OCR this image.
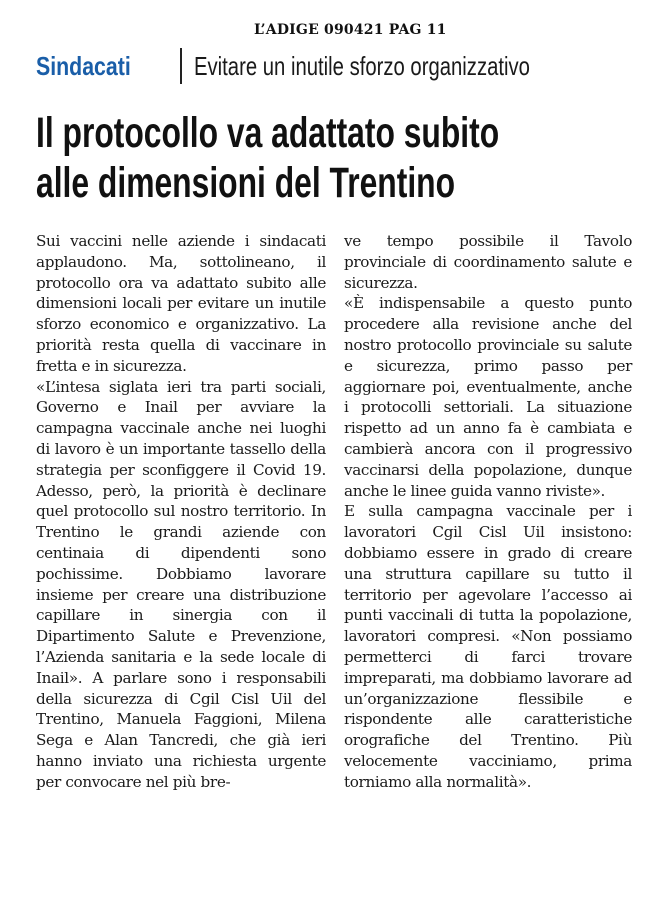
L’ADIGE 090421 PAG 11
Sindacati	Evitare un inutile sforzo organizzativo
Il protocollo va adattato subito
alle dimensioni del Trentino

Sui vaccini nelle aziende i sindacati applaudono. Ma, sottolineano, il protocollo ora va adattato subito alle dimensioni locali per evitare un inutile sforzo economico e organizzativo. La priorità resta quella di vaccinare in fretta e in sicurezza.

«L’intesa siglata ieri tra parti sociali, Governo e Inail per avviare la campagna vaccinale anche nei luoghi di lavoro è un importante tassello della strategia per sconfiggere il Covid 19. Adesso, però, la priorità è declinare quel protocollo sul nostro territorio. In Trentino le grandi aziende con centinaia di dipendenti sono pochissime. Dobbiamo lavorare insieme per creare una distribuzione capillare in sinergia con il Dipartimento Salute e Prevenzione, l’Azienda sanitaria e la sede locale di Inail». A parlare sono i responsabili della sicurezza di Cgil Cisl Uil del Trentino, Manuela Faggioni, Milena Sega e Alan Tancredi, che già ieri hanno inviato una richiesta urgente per convocare nel più bre-

ve tempo possibile il Tavolo provinciale di coordinamento salute e sicurezza.

«È indispensabile a questo punto procedere alla revisione anche del nostro protocollo provinciale su salute e sicurezza, primo passo per aggiornare poi, eventualmente, anche i protocolli settoriali. La situazione rispetto ad un anno fa è cambiata e cambierà ancora con il progressivo vaccinarsi della popolazione, dunque anche le linee guida vanno riviste».

E sulla campagna vaccinale per i lavoratori Cgil Cisl Uil insistono: dobbiamo essere in grado di creare una struttura capillare su tutto il territorio per agevolare l’accesso ai punti vaccinali di tutta la popolazione, lavoratori compresi. «Non possiamo permetterci di farci trovare impreparati, ma dobbiamo lavorare ad un’organizzazione flessibile e rispondente alle caratteristiche orografiche del Trentino. Più velocemente vacciniamo, prima torniamo alla normalità».
